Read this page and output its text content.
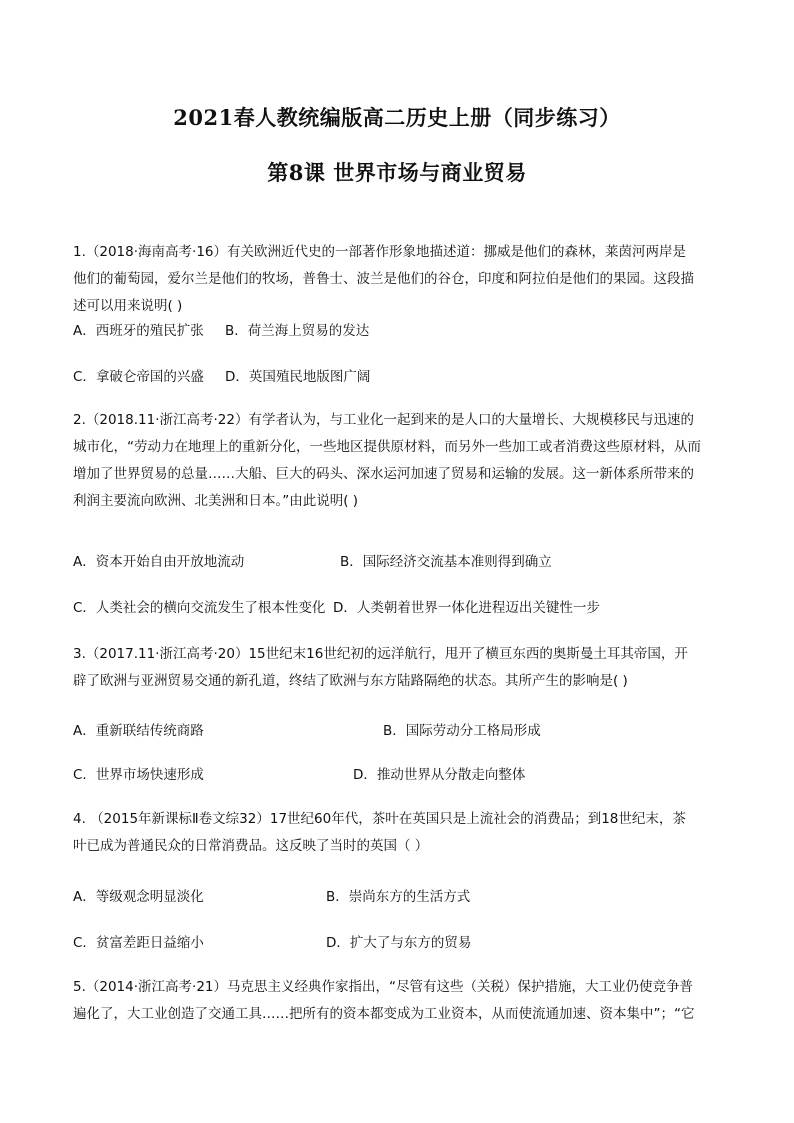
2021春人教统编版高二历史上册（同步练习）
第8课 世界市场与商业贸易
1.（2018·海南高考·16）有关欧洲近代史的一部著作形象地描述道：挪威是他们的森林，莱茵河两岸是
他们的葡萄园，爱尔兰是他们的牧场，普鲁士、波兰是他们的谷仓，印度和阿拉伯是他们的果园。这段描
述可以用来说明( )
A．西班牙的殖民扩张 B．荷兰海上贸易的发达
C．拿破仑帝国的兴盛 D．英国殖民地版图广阔
2.（2018.11·浙江高考·22）有学者认为，与工业化一起到来的是人口的大量增长、大规模移民与迅速的
城市化，“劳动力在地理上的重新分化，一些地区提供原材料，而另外一些加工或者消费这些原材料，从而
增加了世界贸易的总量……大船、巨大的码头、深水运河加速了贸易和运输的发展。这一新体系所带来的
利润主要流向欧洲、北美洲和日本。”由此说明( )
A．资本开始自由开放地流动	B．国际经济交流基本准则得到确立
C．人类社会的横向交流发生了根本性变化 D．人类朝着世界一体化进程迈出关键性一步
3.（2017.11·浙江高考·20）15世纪末16世纪初的远洋航行，甩开了横亘东西的奥斯曼土耳其帝国，开
辟了欧洲与亚洲贸易交通的新孔道，终结了欧洲与东方陆路隔绝的状态。其所产生的影响是( )
A．重新联结传统商路	B．国际劳动分工格局形成
C．世界市场快速形成	D．推动世界从分散走向整体
4. （2015年新课标Ⅱ卷文综32）17世纪60年代，茶叶在英国只是上流社会的消费品；到18世纪末，茶
叶已成为普通民众的日常消费品。这反映了当时的英国（ ）
A．等级观念明显淡化	B．崇尚东方的生活方式
C．贫富差距日益缩小	D．扩大了与东方的贸易
5.（2014·浙江高考·21）马克思主义经典作家指出，“尽管有这些（关税）保护措施，大工业仍使竞争普
遍化了，大工业创造了交通工具……把所有的资本都变成为工业资本，从而使流通加速、资本集中”；“它
